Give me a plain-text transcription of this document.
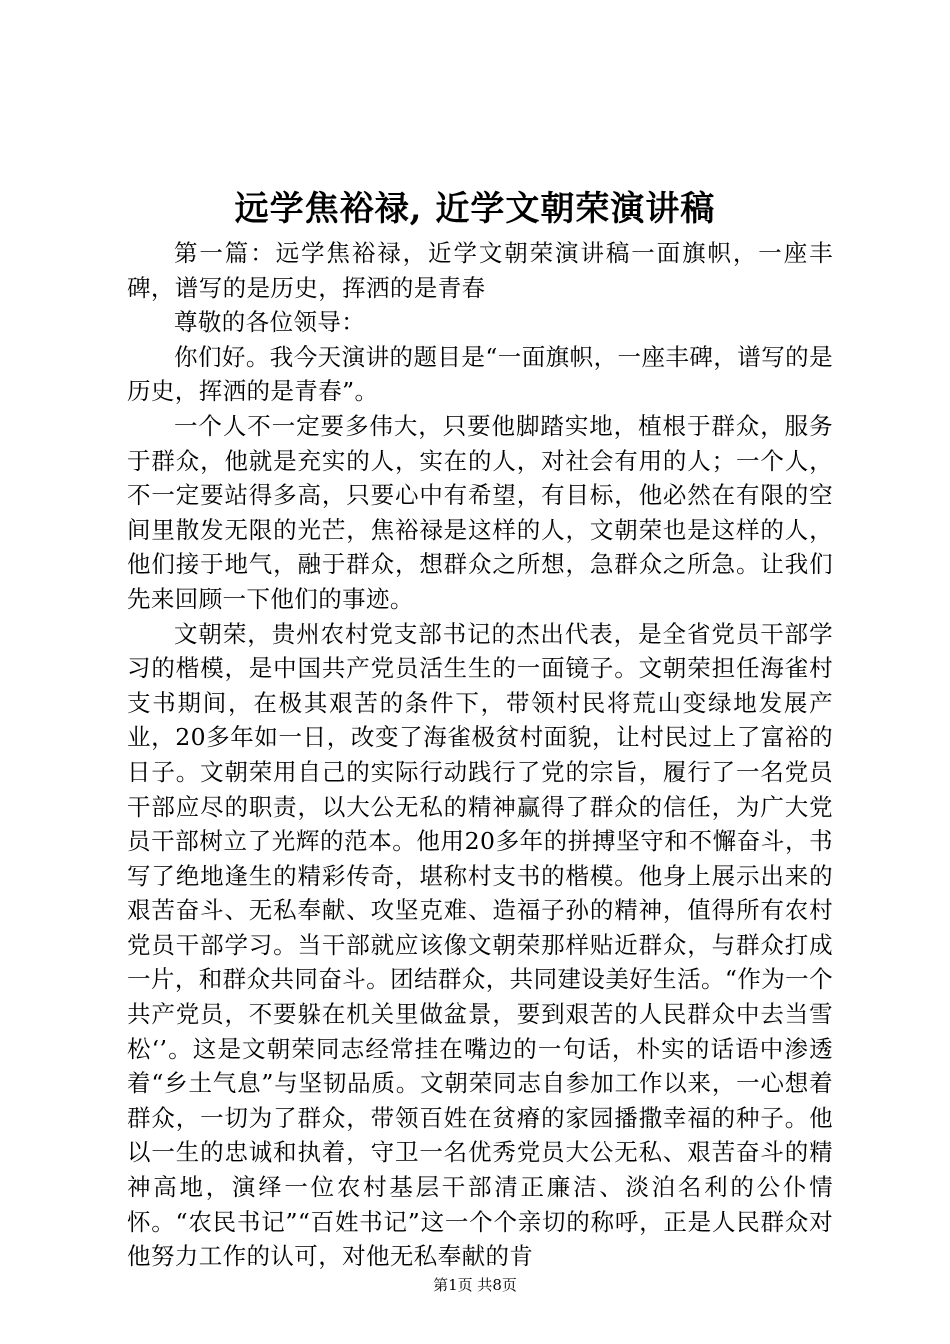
远学焦裕禄, 近学文朝荣演讲稿

第一篇：远学焦裕禄，近学文朝荣演讲稿一面旗帜，一座丰碑，谱写的是历史，挥洒的是青春

尊敬的各位领导：

你们好。我今天演讲的题目是“一面旗帜，一座丰碑，谱写的是历史，挥洒的是青春”。

一个人不一定要多伟大，只要他脚踏实地，植根于群众，服务于群众，他就是充实的人，实在的人，对社会有用的人；一个人，不一定要站得多高，只要心中有希望，有目标，他必然在有限的空间里散发无限的光芒，焦裕禄是这样的人，文朝荣也是这样的人，他们接于地气，融于群众，想群众之所想，急群众之所急。让我们先来回顾一下他们的事迹。

文朝荣，贵州农村党支部书记的杰出代表，是全省党员干部学习的楷模，是中国共产党员活生生的一面镜子。文朝荣担任海雀村支书期间，在极其艰苦的条件下，带领村民将荒山变绿地发展产业，20多年如一日，改变了海雀极贫村面貌，让村民过上了富裕的日子。文朝荣用自己的实际行动践行了党的宗旨，履行了一名党员干部应尽的职责，以大公无私的精神赢得了群众的信任，为广大党员干部树立了光辉的范本。他用20多年的拼搏坚守和不懈奋斗，书写了绝地逢生的精彩传奇，堪称村支书的楷模。他身上展示出来的艰苦奋斗、无私奉献、攻坚克难、造福子孙的精神，值得所有农村党员干部学习。当干部就应该像文朝荣那样贴近群众，与群众打成一片，和群众共同奋斗。团结群众，共同建设美好生活。“作为一个共产党员，不要躲在机关里做盆景，要到艰苦的人民群众中去当雪松‘’。这是文朝荣同志经常挂在嘴边的一句话，朴实的话语中渗透着“乡土气息”与坚韧品质。文朝荣同志自参加工作以来，一心想着群众，一切为了群众，带领百姓在贫瘠的家园播撒幸福的种子。他以一生的忠诚和执着，守卫一名优秀党员大公无私、艰苦奋斗的精神高地，演绎一位农村基层干部清正廉洁、淡泊名利的公仆情怀。“农民书记”“百姓书记”这一个个亲切的称呼，正是人民群众对他努力工作的认可，对他无私奉献的肯

第1页 共8页
